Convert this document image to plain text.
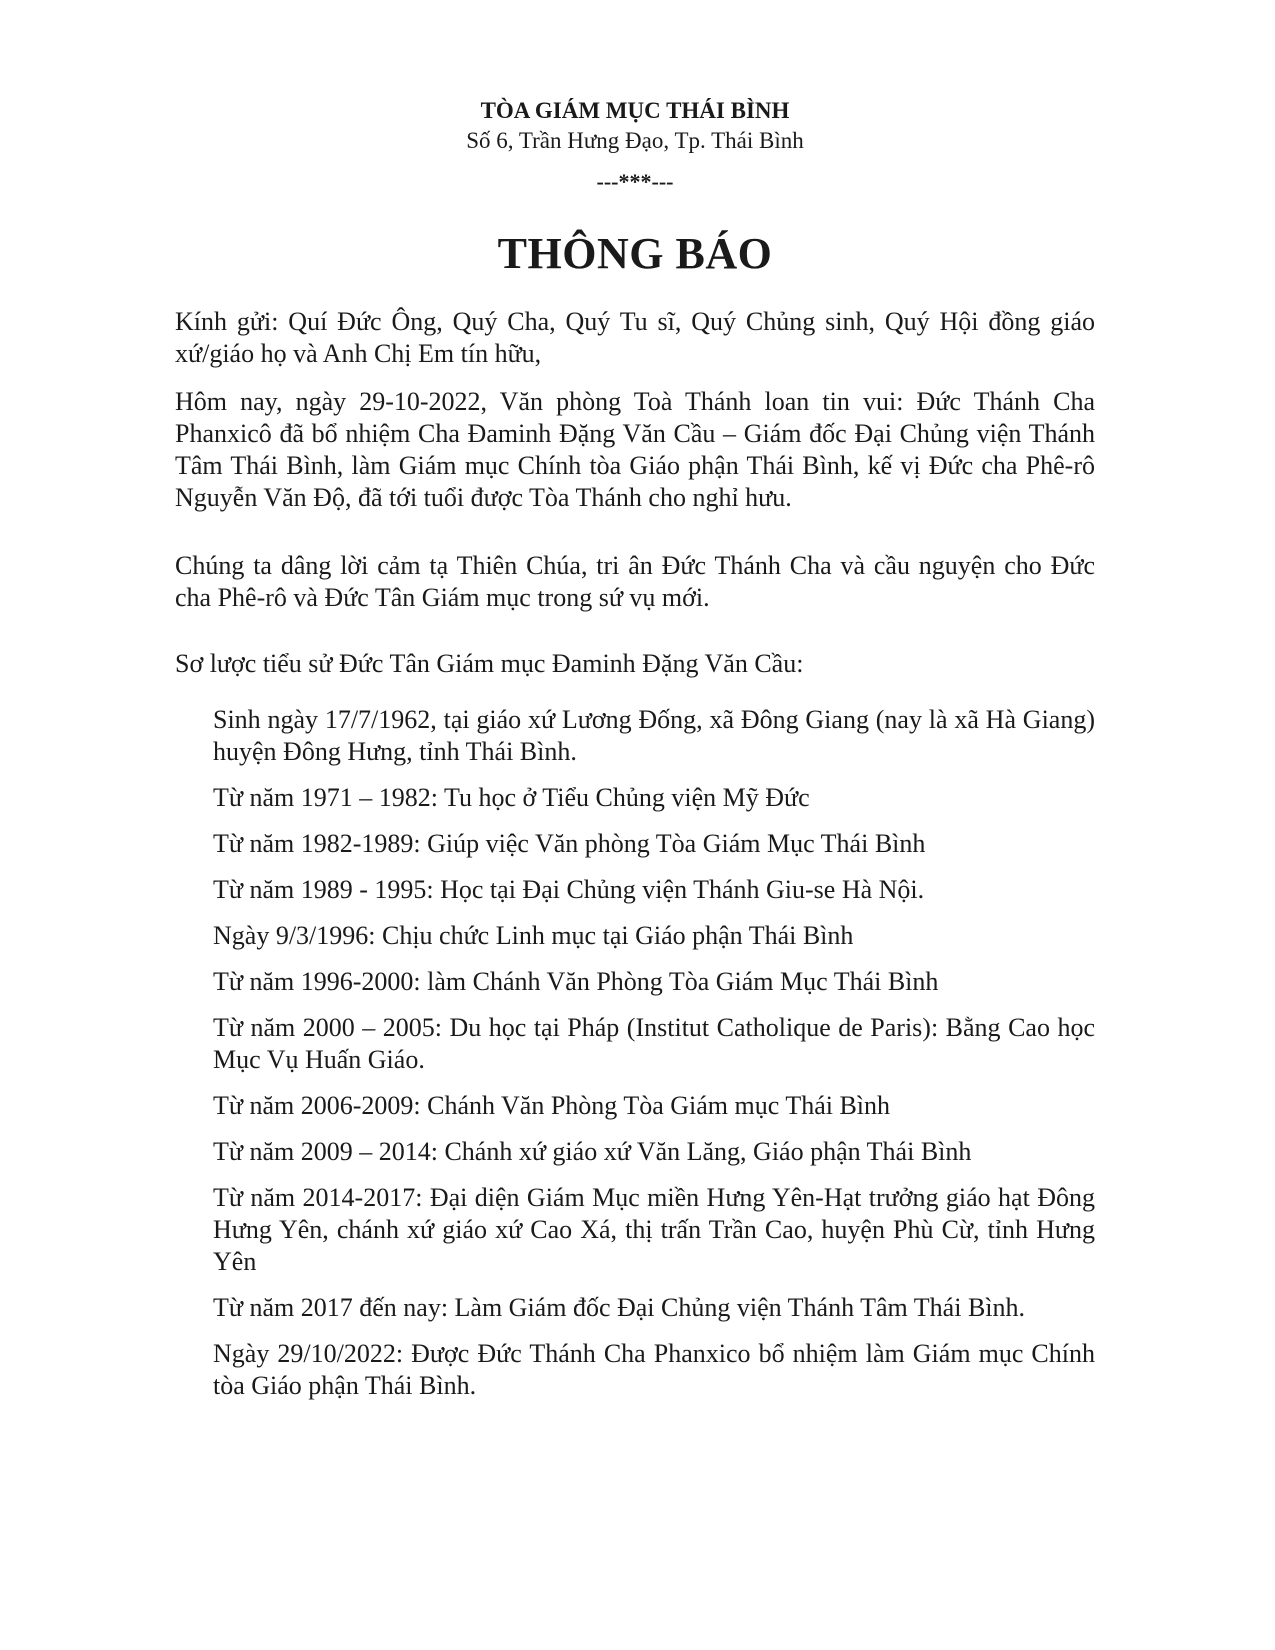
TÒA GIÁM MỤC THÁI BÌNH

Số 6, Trần Hưng Đạo, Tp. Thái Bình

---***---

THÔNG BÁO

Kính gửi: Quí Đức Ông, Quý Cha, Quý Tu sĩ, Quý Chủng sinh, Quý Hội đồng giáo xứ/giáo họ và Anh Chị Em tín hữu,

Hôm nay, ngày 29-10-2022, Văn phòng Toà Thánh loan tin vui: Đức Thánh Cha Phanxicô đã bổ nhiệm Cha Đaminh Đặng Văn Cầu – Giám đốc Đại Chủng viện Thánh Tâm Thái Bình, làm Giám mục Chính tòa Giáo phận Thái Bình, kế vị Đức cha Phê-rô Nguyễn Văn Độ, đã tới tuổi được Tòa Thánh cho nghỉ hưu.

Chúng ta dâng lời cảm tạ Thiên Chúa, tri ân Đức Thánh Cha và cầu nguyện cho Đức cha Phê-rô và Đức Tân Giám mục trong sứ vụ mới.

Sơ lược tiểu sử Đức Tân Giám mục Đaminh Đặng Văn Cầu:

Sinh ngày 17/7/1962, tại giáo xứ Lương Đống, xã Đông Giang (nay là xã Hà Giang) huyện Đông Hưng, tỉnh Thái Bình.
Từ năm 1971 – 1982: Tu học ở Tiểu Chủng viện Mỹ Đức
Từ năm 1982-1989: Giúp việc Văn phòng Tòa Giám Mục Thái Bình
Từ năm 1989 - 1995: Học tại Đại Chủng viện Thánh Giu-se Hà Nội.
Ngày 9/3/1996: Chịu chức Linh mục tại Giáo phận Thái Bình
Từ năm 1996-2000: làm Chánh Văn Phòng Tòa Giám Mục Thái Bình
Từ năm 2000 – 2005: Du học tại Pháp (Institut Catholique de Paris): Bằng Cao học Mục Vụ Huấn Giáo.
Từ năm 2006-2009: Chánh Văn Phòng Tòa Giám mục Thái Bình
Từ năm 2009 – 2014: Chánh xứ giáo xứ Văn Lăng, Giáo phận Thái Bình
Từ năm 2014-2017: Đại diện Giám Mục miền Hưng Yên-Hạt trưởng giáo hạt Đông Hưng Yên, chánh xứ giáo xứ Cao Xá, thị trấn Trần Cao, huyện Phù Cừ, tỉnh Hưng Yên
Từ năm 2017 đến nay: Làm Giám đốc Đại Chủng viện Thánh Tâm Thái Bình.
Ngày 29/10/2022: Được Đức Thánh Cha Phanxico bổ nhiệm làm Giám mục Chính tòa Giáo phận Thái Bình.
